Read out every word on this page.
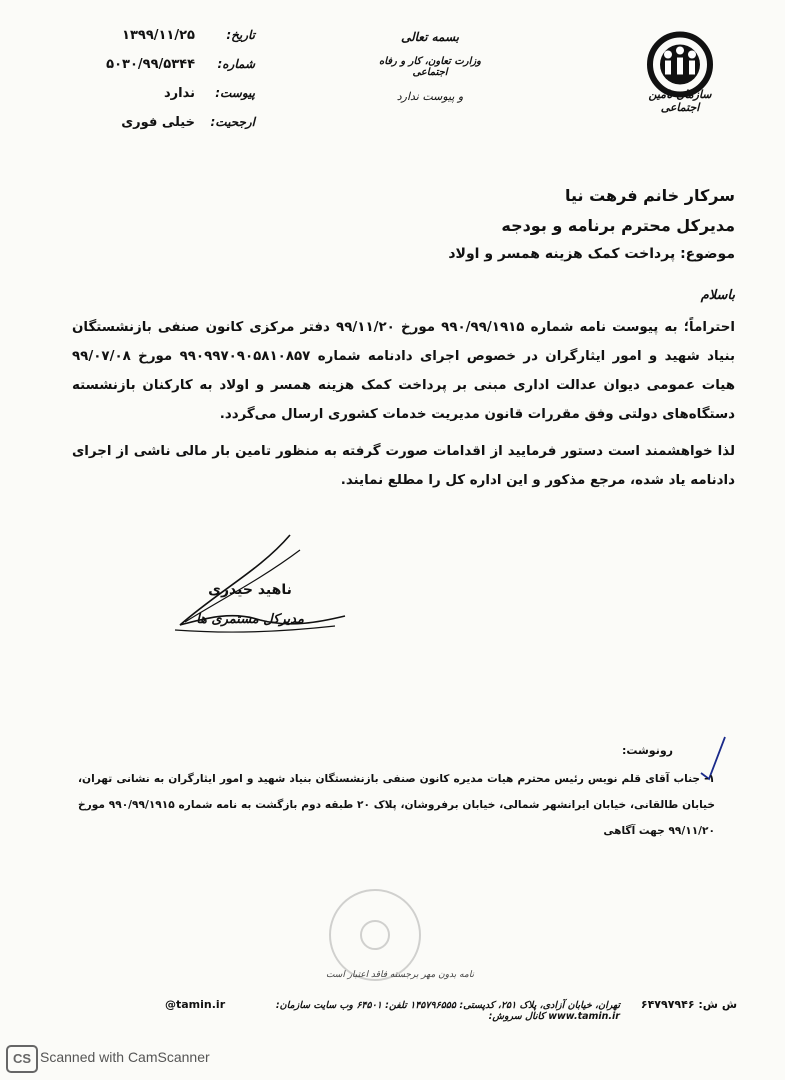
سازمان تامین اجتماعی
بسمه تعالی
وزارت تعاون، کار و رفاه اجتماعی
و پیوست ندارد
تاریخ:
۱۳۹۹/۱۱/۲۵
شماره:
۵۰۳۰/۹۹/۵۳۴۴
پیوست:
ندارد
ارجحیت:
خیلی فوری
سرکار خانم فرهت نیا
مدیرکل محترم برنامه و بودجه
موضوع: پرداخت کمک هزینه همسر و اولاد
باسلام
احتراماً؛ به پیوست نامه شماره ۹۹۰/۹۹/۱۹۱۵ مورخ ۹۹/۱۱/۲۰ دفتر مرکزی کانون صنفی بازنشستگان بنیاد شهید و امور ایثارگران در خصوص اجرای دادنامه شماره ۹۹۰۹۹۷۰۹۰۵۸۱۰۸۵۷ مورخ ۹۹/۰۷/۰۸ هیات عمومی دیوان عدالت اداری مبنی بر پرداخت کمک هزینه همسر و اولاد به کارکنان بازنشسته دستگاه‌های دولتی وفق مقررات قانون مدیریت خدمات کشوری ارسال می‌گردد.
لذا خواهشمند است دستور فرمایید از اقدامات صورت گرفته به منظور تامین بار مالی ناشی از اجرای دادنامه یاد شده، مرجع مذکور و این اداره کل را مطلع نمایند.
ناهید حیدری
مدیرکل مستمری ها
رونوشت:
۱- جناب آقای قلم نویس رئیس محترم هیات مدیره کانون صنفی بازنشستگان بنیاد شهید و امور ایثارگران به نشانی تهران، خیابان طالقانی، خیابان ایرانشهر شمالی، خیابان برفروشان، پلاک ۲۰ طبقه دوم بازگشت به نامه شماره ۹۹۰/۹۹/۱۹۱۵ مورخ ۹۹/۱۱/۲۰ جهت آگاهی
نامه بدون مهر برجسته فاقد اعتبار است
ش ش: ۶۴۷۹۷۹۴۶
تهران، خیابان آزادی، پلاک ۲۵۱، کدپستی: ۱۴۵۷۹۶۵۵۵ تلفن: ۶۴۵۰۱ وب سایت سازمان: www.tamin.ir کانال سروش:
@tamin.ir
CS Scanned with CamScanner
